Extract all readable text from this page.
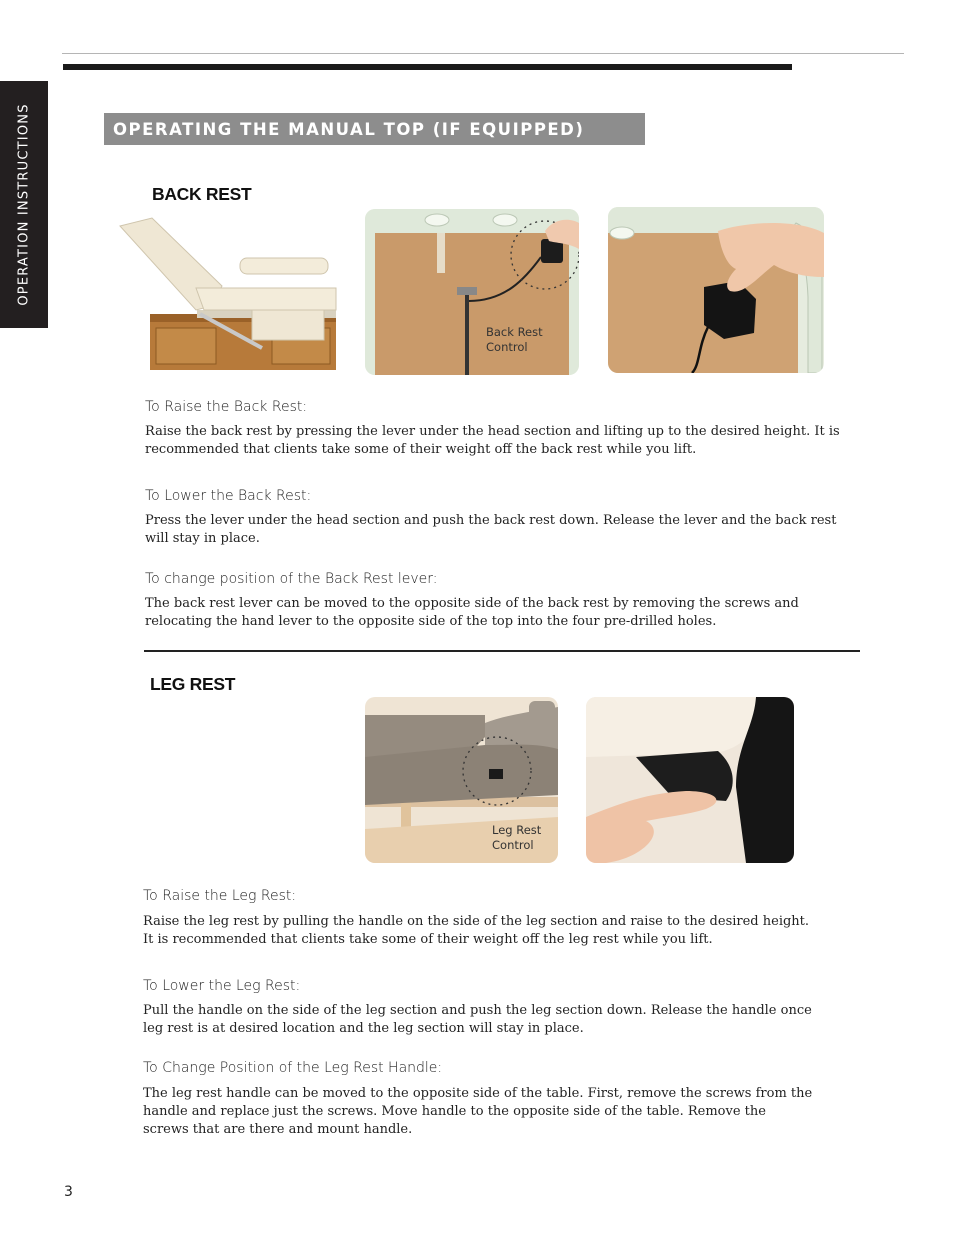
OPERATION INSTRUCTIONS	OPERATING THE MANUAL TOP (IF EQUIPPED)
BACK REST
Back Rest
Control
To Raise the Back Rest:
Raise the back rest by pressing the lever under the head section and lifting up to the desired height. It is recommended that clients take some of their weight off the back rest while you lift.
To Lower the Back Rest:
Press the lever under the head section and push the back rest down. Release the lever and the back rest will stay in place.
To change position of the Back Rest lever:
The back rest lever can be moved to the opposite side of the back rest by removing the screws and relocating the hand lever to the opposite side of the top into the four pre-drilled holes.
LEG REST
Leg Rest
Control
To Raise the Leg Rest:
Raise the leg rest by pulling the handle on the side of the leg section and raise to the desired height. It is recommended that clients take some of their weight off the leg rest while you lift.
To Lower the Leg Rest:
Pull the handle on the side of the leg section and push the leg section down. Release the handle once leg rest is at desired location and the leg section will stay in place.
To Change Position of the Leg Rest Handle:
The leg rest handle can be moved to the opposite side of the table. First, remove the screws from the handle and replace just the screws. Move handle to the opposite side of the table. Remove the screws that are there and mount handle.
3
